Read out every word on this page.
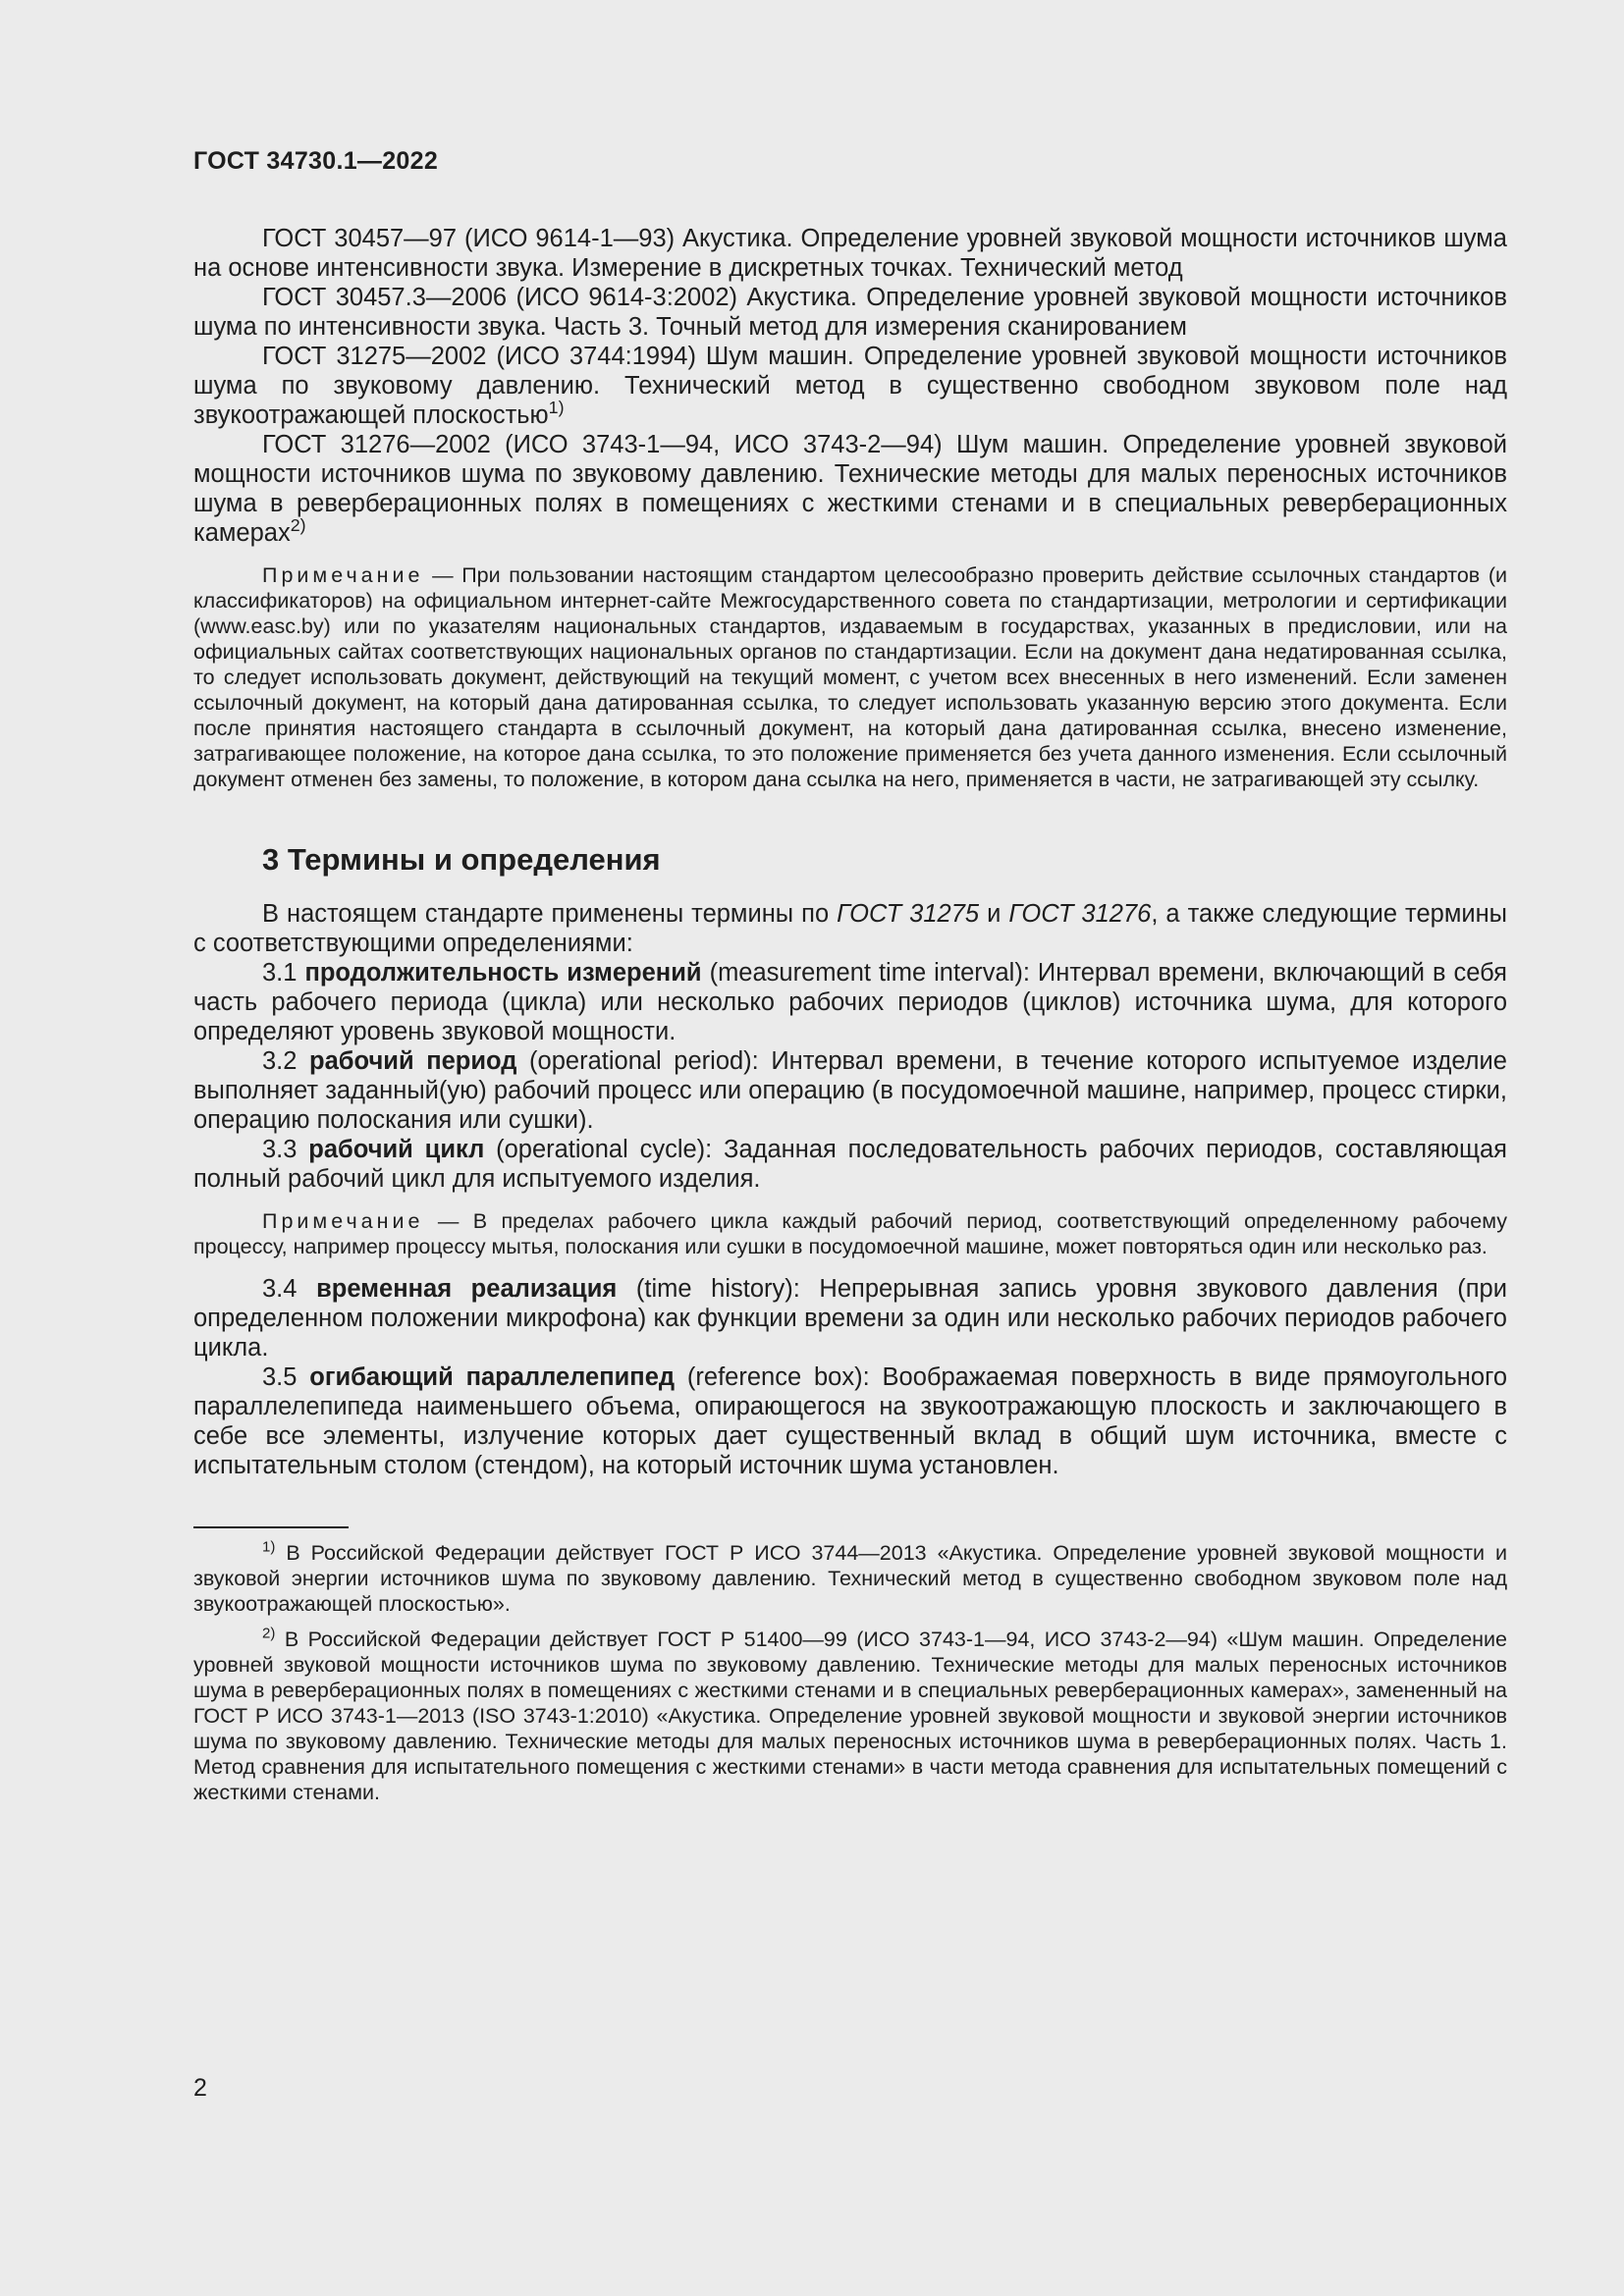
ГОСТ 34730.1—2022

ГОСТ 30457—97 (ИСО 9614-1—93) Акустика. Определение уровней звуковой мощности источников шума на основе интенсивности звука. Измерение в дискретных точках. Технический метод

ГОСТ 30457.3—2006 (ИСО 9614-3:2002) Акустика. Определение уровней звуковой мощности источников шума по интенсивности звука. Часть 3. Точный метод для измерения сканированием

ГОСТ 31275—2002 (ИСО 3744:1994) Шум машин. Определение уровней звуковой мощности источников шума по звуковому давлению. Технический метод в существенно свободном звуковом поле над звукоотражающей плоскостью$^{1)}$

ГОСТ 31276—2002 (ИСО 3743-1—94, ИСО 3743-2—94) Шум машин. Определение уровней звуковой мощности источников шума по звуковому давлению. Технические методы для малых переносных источников шума в реверберационных полях в помещениях с жесткими стенами и в специальных реверберационных камерах$^{2)}$

Примечание — При пользовании настоящим стандартом целесообразно проверить действие ссылочных стандартов (и классификаторов) на официальном интернет-сайте Межгосударственного совета по стандартизации, метрологии и сертификации (www.easc.by) или по указателям национальных стандартов, издаваемым в государствах, указанных в предисловии, или на официальных сайтах соответствующих национальных органов по стандартизации. Если на документ дана недатированная ссылка, то следует использовать документ, действующий на текущий момент, с учетом всех внесенных в него изменений. Если заменен ссылочный документ, на который дана датированная ссылка, то следует использовать указанную версию этого документа. Если после принятия настоящего стандарта в ссылочный документ, на который дана датированная ссылка, внесено изменение, затрагивающее положение, на которое дана ссылка, то это положение применяется без учета данного изменения. Если ссылочный документ отменен без замены, то положение, в котором дана ссылка на него, применяется в части, не затрагивающей эту ссылку.

3 Термины и определения

В настоящем стандарте применены термины по ГОСТ 31275 и ГОСТ 31276, а также следующие термины с соответствующими определениями:

3.1 продолжительность измерений (measurement time interval): Интервал времени, включающий в себя часть рабочего периода (цикла) или несколько рабочих периодов (циклов) источника шума, для которого определяют уровень звуковой мощности.

3.2 рабочий период (operational period): Интервал времени, в течение которого испытуемое изделие выполняет заданный(ую) рабочий процесс или операцию (в посудомоечной машине, например, процесс стирки, операцию полоскания или сушки).

3.3 рабочий цикл (operational cycle): Заданная последовательность рабочих периодов, составляющая полный рабочий цикл для испытуемого изделия.

Примечание — В пределах рабочего цикла каждый рабочий период, соответствующий определенному рабочему процессу, например процессу мытья, полоскания или сушки в посудомоечной машине, может повторяться один или несколько раз.

3.4 временная реализация (time history): Непрерывная запись уровня звукового давления (при определенном положении микрофона) как функции времени за один или несколько рабочих периодов рабочего цикла.

3.5 огибающий параллелепипед (reference box): Воображаемая поверхность в виде прямоугольного параллелепипеда наименьшего объема, опирающегося на звукоотражающую плоскость и заключающего в себе все элементы, излучение которых дает существенный вклад в общий шум источника, вместе с испытательным столом (стендом), на который источник шума установлен.

$^{1)}$ В Российской Федерации действует ГОСТ Р ИСО 3744—2013 «Акустика. Определение уровней звуковой мощности и звуковой энергии источников шума по звуковому давлению. Технический метод в существенно свободном звуковом поле над звукоотражающей плоскостью».

$^{2)}$ В Российской Федерации действует ГОСТ Р 51400—99 (ИСО 3743-1—94, ИСО 3743-2—94) «Шум машин. Определение уровней звуковой мощности источников шума по звуковому давлению. Технические методы для малых переносных источников шума в реверберационных полях в помещениях с жесткими стенами и в специальных реверберационных камерах», замененный на ГОСТ Р ИСО 3743-1—2013 (ISO 3743-1:2010) «Акустика. Определение уровней звуковой мощности и звуковой энергии источников шума по звуковому давлению. Технические методы для малых переносных источников шума в реверберационных полях. Часть 1. Метод сравнения для испытательного помещения с жесткими стенами» в части метода сравнения для испытательных помещений с жесткими стенами.

2
